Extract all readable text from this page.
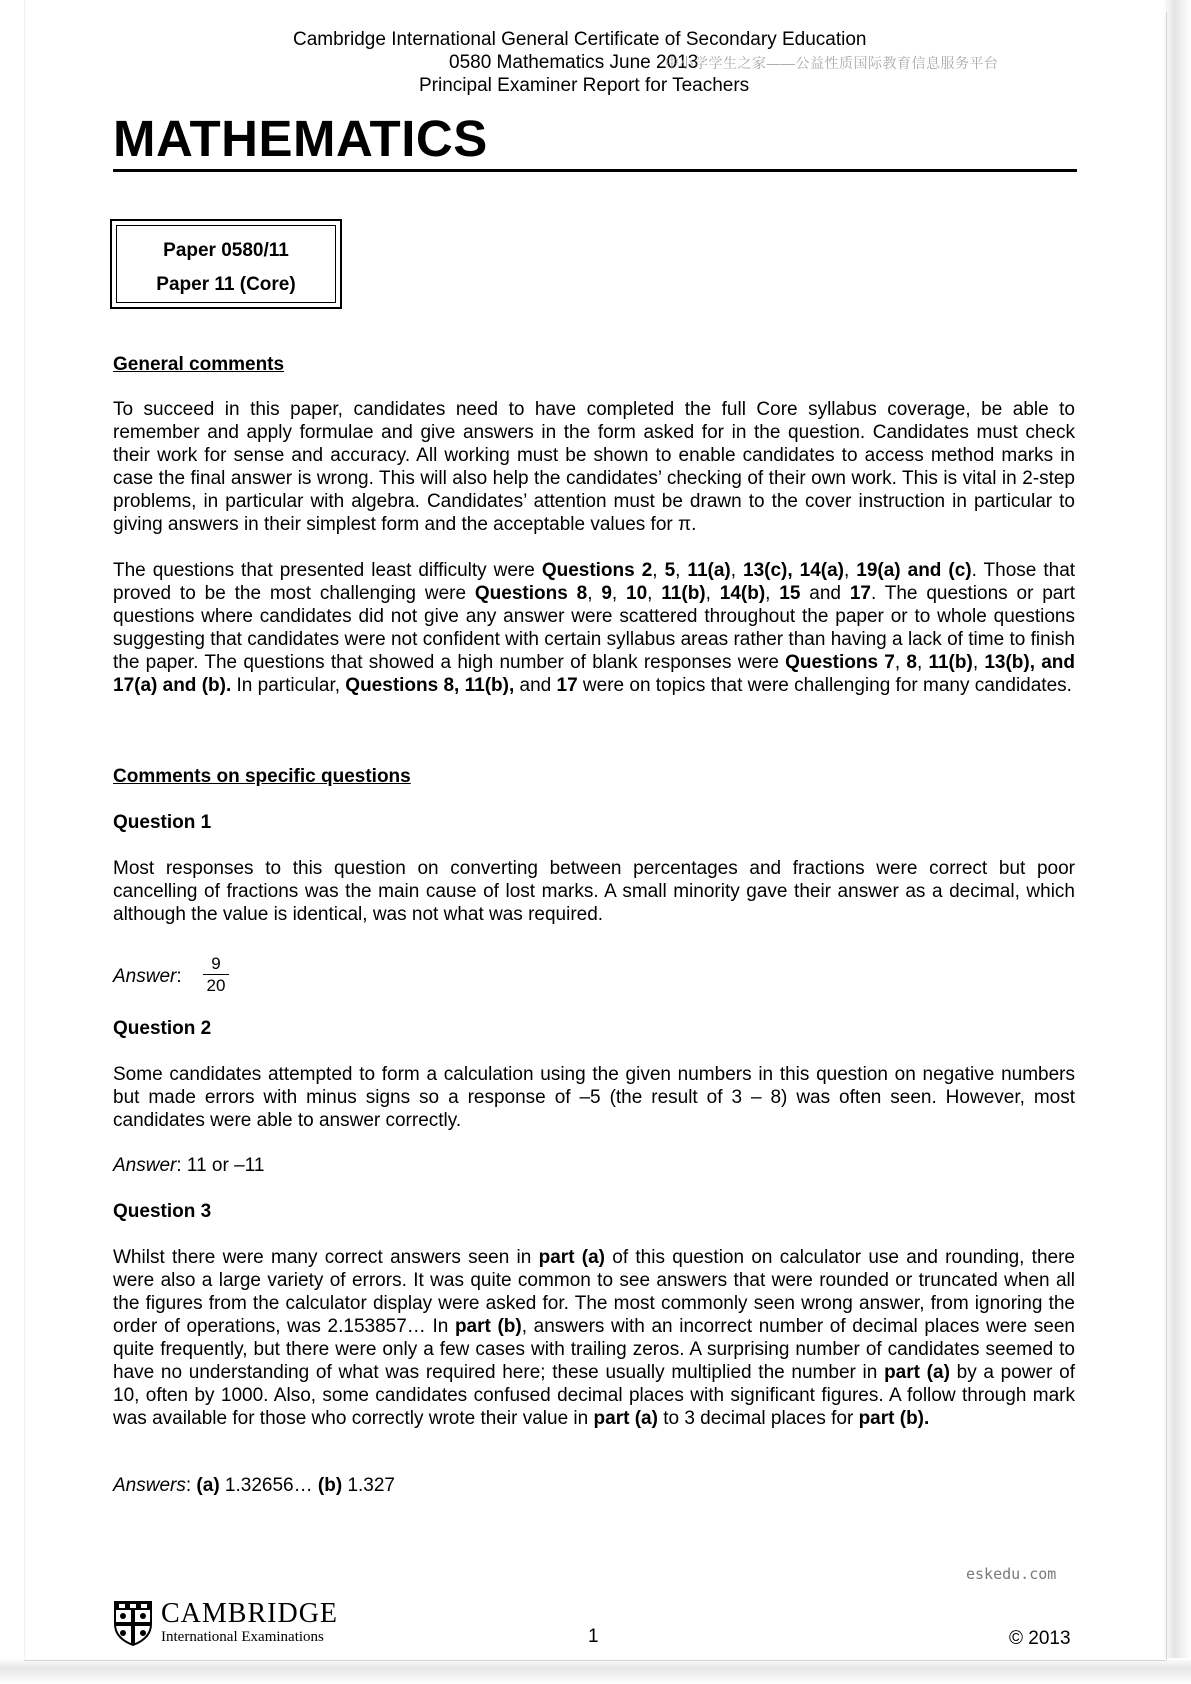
Cambridge International General Certificate of Secondary Education
0580 Mathematics June 2013
中小学学生之家——公益性质国际教育信息服务平台
Principal Examiner Report for Teachers
MATHEMATICS
Paper 0580/11
Paper 11 (Core)
General comments

To succeed in this paper, candidates need to have completed the full Core syllabus coverage, be able to remember and apply formulae and give answers in the form asked for in the question. Candidates must check their work for sense and accuracy. All working must be shown to enable candidates to access method marks in case the final answer is wrong. This will also help the candidates’ checking of their own work. This is vital in 2-step problems, in particular with algebra. Candidates’ attention must be drawn to the cover instruction in particular to giving answers in their simplest form and the acceptable values for π.

The questions that presented least difficulty were Questions 2, 5, 11(a), 13(c), 14(a), 19(a) and (c). Those that proved to be the most challenging were Questions 8, 9, 10, 11(b), 14(b), 15 and 17. The questions or part questions where candidates did not give any answer were scattered throughout the paper or to whole questions suggesting that candidates were not confident with certain syllabus areas rather than having a lack of time to finish the paper. The questions that showed a high number of blank responses were Questions 7, 8, 11(b), 13(b), and 17(a) and (b). In particular, Questions 8, 11(b), and 17 were on topics that were challenging for many candidates.

Comments on specific questions
Question 1

Most responses to this question on converting between percentages and fractions were correct but poor cancelling of fractions was the main cause of lost marks. A small minority gave their answer as a decimal, which although the value is identical, was not what was required.

Answer:
9
20
Question 2

Some candidates attempted to form a calculation using the given numbers in this question on negative numbers but made errors with minus signs so a response of –5 (the result of 3 – 8) was often seen. However, most candidates were able to answer correctly.

Answer: 11 or –11
Question 3

Whilst there were many correct answers seen in part (a) of this question on calculator use and rounding, there were also a large variety of errors. It was quite common to see answers that were rounded or truncated when all the figures from the calculator display were asked for. The most commonly seen wrong answer, from ignoring the order of operations, was 2.153857… In part (b), answers with an incorrect number of decimal places were seen quite frequently, but there were only a few cases with trailing zeros. A surprising number of candidates seemed to have no understanding of what was required here; these usually multiplied the number in part (a) by a power of 10, often by 1000. Also, some candidates confused decimal places with significant figures. A follow through mark was available for those who correctly wrote their value in part (a) to 3 decimal places for part (b).

Answers: (a) 1.32656… (b) 1.327
eskedu.com
CAMBRIDGE
International Examinations	1	© 2013
